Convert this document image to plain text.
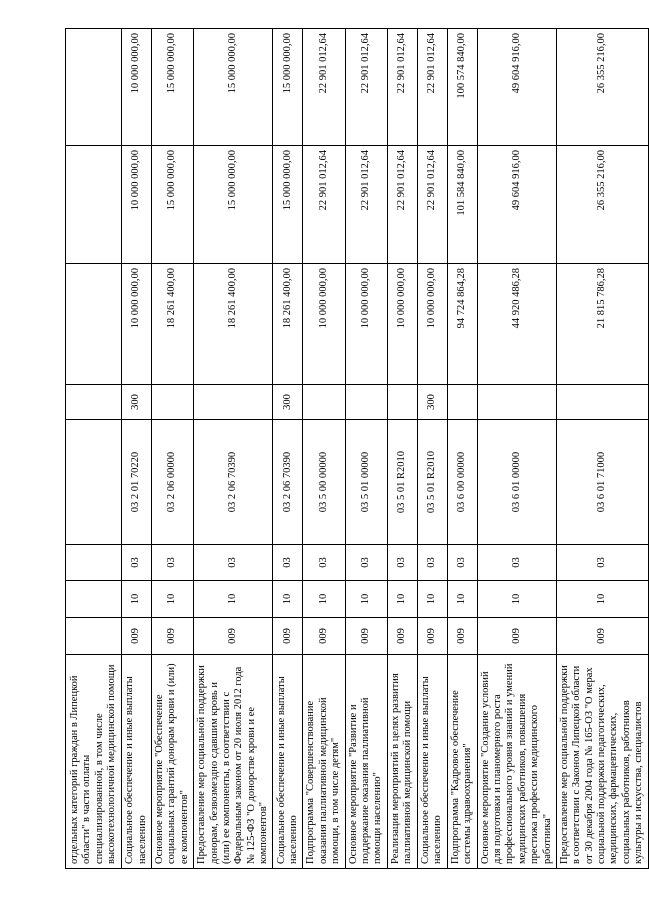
отдельных категорий граждан в Липецкой области" в части оплаты специализированной, в том числе высокотехнологичной медицинской помощи								
Социальное обеспечение и иные выплаты населению	009	10	03	03 2 01 70220	300	10 000 000,00	10 000 000,00	10 000 000,00
Основное мероприятие "Обеспечение социальных гарантий донорам крови и (или) ее компонентов"	009	10	03	03 2 06 00000		18 261 400,00	15 000 000,00	15 000 000,00
Предоставление мер социальной поддержки донорам, безвозмездно сдавшим кровь и (или) ее компоненты, в соответствии с Федеральным законом от 20 июля 2012 года № 125-ФЗ "О донорстве крови и ее компонентов"	009	10	03	03 2 06 70390		18 261 400,00	15 000 000,00	15 000 000,00
Социальное обеспечение и иные выплаты населению	009	10	03	03 2 06 70390	300	18 261 400,00	15 000 000,00	15 000 000,00
Подпрограмма "Совершенствование оказания паллиативной медицинской помощи, в том числе детям"	009	10	03	03 5 00 00000		10 000 000,00	22 901 012,64	22 901 012,64
Основное мероприятие "Развитие и поддержание оказания паллиативной помощи населению"	009	10	03	03 5 01 00000		10 000 000,00	22 901 012,64	22 901 012,64
Реализация мероприятий в целях развития паллиативной медицинской помощи	009	10	03	03 5 01 R2010		10 000 000,00	22 901 012,64	22 901 012,64
Социальное обеспечение и иные выплаты населению	009	10	03	03 5 01 R2010	300	10 000 000,00	22 901 012,64	22 901 012,64
Подпрограмма "Кадровое обеспечение системы здравоохранения"	009	10	03	03 6 00 00000		94 724 864,28	101 584 840,00	100 574 840,00
Основное мероприятие "Создание условий для подготовки и планомерного роста профессионального уровня знаний и умений медицинских работников, повышения престижа профессии медицинского работника"	009	10	03	03 6 01 00000		44 920 486,28	49 604 916,00	49 604 916,00
Предоставление мер социальной поддержки в соответствии с Законом Липецкой области от 30 декабря 2004 года № 165-ОЗ "О мерах социальной поддержки педагогических, медицинских, фармацевтических, социальных работников, работников культуры и искусства, специалистов	009	10	03	03 6 01 71000		21 815 786,28	26 355 216,00	26 355 216,00
